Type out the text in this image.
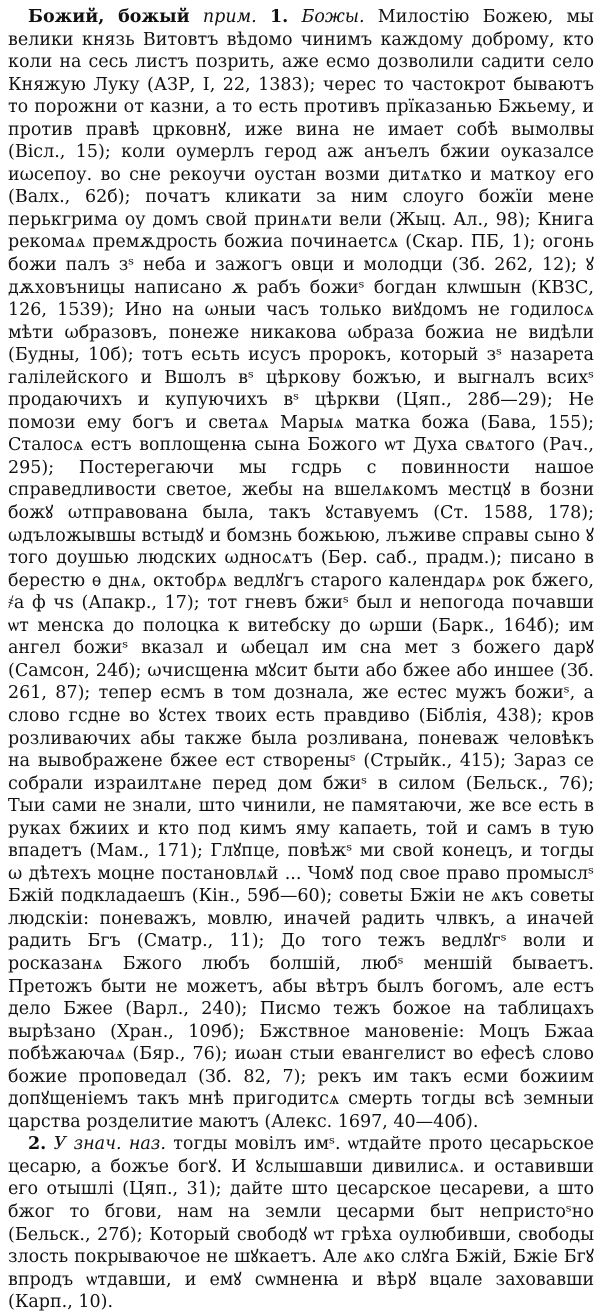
Божий, божый прим. 1. Божы. Милостію Божею, мы велики князь Витовтъ вѣдомо чинимъ каждому доброму, кто коли на сесь листъ позрить, аже есмо дозволили садити село Княжую Луку (АЗР, I, 22, 1383); черес то частокрот бываютъ то порожни от казни, а то есть противъ прїказанью Бжьему, и против правѣ црковнꙋ, иже вина не имает собѣ вымолвы (Вісл., 15); коли оумерлъ герод аж анъелъ бжии оуказалсе иωсепоу. во сне рекоучи оустан возми дитѧтко и маткоу его (Валх., 62б); початъ кликати за ним слоуго божїи мене перькгрима оу домъ свой принѧти вели (Жыц. Ал., 98); Книга рекомаѧ премѫдрость божиа починаетсѧ (Скар. ПБ, 1); огонь божи палъ зˢ неба и зажогъ овци и молодци (Зб. 262, 12); ꙋ дѫховъницы написано ѫ рабъ божиˢ богдан клѡшын (КВЗС, 126, 1539); Ино на ωныи часъ только виꙋдомъ не годилосѧ мѣти ωбразовъ, понеже никакова ωбраза божиа не видѣли (Будны, 10б); тотъ есьть исусъ пророкъ, который зˢ назарета галілейского и Вшолъ вˢ цѣркову божъю, и выгналъ всихˢ продаючихъ и купуючихъ вˢ цѣркви (Цяп., 28б—29); Не помози ему богъ и светаѧ Марыѧ матка божа (Бава, 155); Сталосѧ естъ воплощенꙗ сына Божого ѡт Духа свѧтого (Рач., 295); Постерегаючи мы гсдрь с повинности нашое справедливости светое, жебы на вшелѧкомъ местцꙋ в бозни божꙋ ωтправована была, такъ ꙋставуемъ (Ст. 1588, 178); ωдъложывшы встыдꙋ и бомзнь божьюю, лъживе справы сыно ꙋ того доушью людских ωдносѧтъ (Бер. саб., прадм.); писано в берестю ѳ днѧ, октобрѧ ведлꙋгъ старого календарѧ рок бжего, ҂а ф чѕ (Апакр., 17); тот гневъ бжиˢ был и непогода почавши ѡт менска до полоцка к витебску до ωрши (Барк., 164б); им ангел божиˢ вказал и ωбецал им сна мет з божего дарꙋ (Самсон, 24б); ωчисщенꙗ мꙋсит быти або бжее або иншее (Зб. 261, 87); тепер есмъ в том дознала, же естес мужъ божиˢ, а слово гсдне во ꙋстех твоих есть правдиво (Біблія, 438); кров розливаючих абы также была розливана, поневаж человѣкъ на вывображене бжее ест створеныˢ (Стрыйк., 415); Зараз се собрали израилтѧне перед дом бжиˢ в силом (Бельск., 76); Тыи сами не знали, што чинили, не памятаючи, же все есть в руках бжиих и кто под кимъ яму капаеть, той и самъ в тую впадетъ (Мам., 171); Глꙋпце, повѣжˢ ми свой конецъ, и тогды ω дѣтехъ моцне постановлѧй ... Чомꙋ под свое право промыслˢ Бжій подкладаешъ (Кін., 59б—60); советы Бжіи не ѧкъ советы людскіи: поневажъ, мовлю, иначей радить члвкъ, а иначей радить Бгъ (Сматр., 11); До того тежъ ведлꙋгˢ воли и росказанѧ Бжого любъ болшій, любˢ меншій бываетъ. Претожъ быти не можетъ, абы вѣтръ былъ богомъ, але естъ дело Бжее (Варл., 240); Писмо тежъ божое на таблицахъ вырѣзано (Хран., 109б); Бжствное мановеніе: Моцъ Бжаа побѣжаючаѧ (Бяр., 76); иωан стыи евангелист во ефесѣ слово божие проповедал (Зб. 82, 7); рекъ им такъ есми божиим допꙋщеніемъ такъ мнѣ пригодитсѧ смерть тогды всѣ земныи царства розделитие маютъ (Алекс. 1697, 40—40б).

2. У знач. наз. тогды мовілъ имˢ. ѡтдайте прото цесарьское цесарю, а божъе богꙋ. И ꙋслышавши дивилисѧ. и оставивши его отышлі (Цяп., 31); дайте што цесарское цесареви, а што бжог то бгови, нам на земли цесарми быт непристоˢно (Бельск., 27б); Который свободꙋ ѡт грѣха оулюбивши, свободы злость покрываючое не шꙋкаетъ. Але ѧко слꙋга Бжій, Бжіе Бгꙋ впродъ ѡтдавши, и емꙋ сѡмненꙗ и вѣрꙋ вцале заховавши (Карп., 10).
